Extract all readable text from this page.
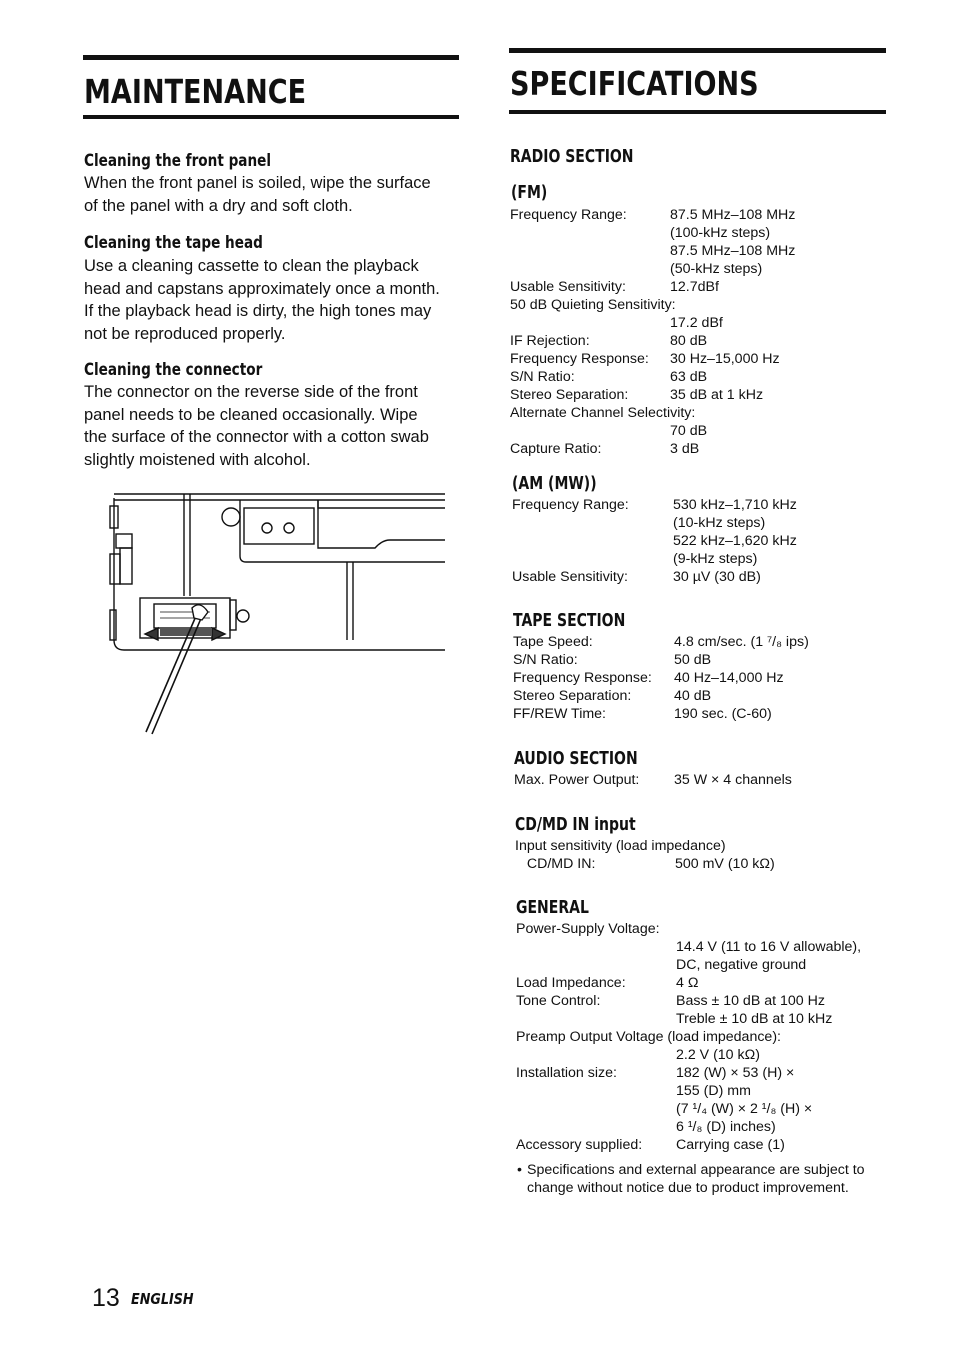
MAINTENANCE
Cleaning the front panel
When the front panel is soiled, wipe the surface
of the panel with a dry and soft cloth.
Cleaning the tape head
Use a cleaning cassette to clean the playback
head and capstans approximately once a month.
If the playback head is dirty, the high tones may
not be reproduced properly.
Cleaning the connector
The connector on the reverse side of the front
panel needs to be cleaned occasionally. Wipe
the surface of the connector with a cotton swab
slightly moistened with alcohol.
SPECIFICATIONS
RADIO SECTION
(FM)
Frequency Range:	87.5 MHz–108 MHz
(100-kHz steps)
87.5 MHz–108 MHz
(50-kHz steps)
Usable Sensitivity:	12.7dBf
50 dB Quieting Sensitivity:
17.2 dBf
IF Rejection:	80 dB
Frequency Response: 30 Hz–15,000 Hz
S/N Ratio:	63 dB
Stereo Separation:	35 dB at 1 kHz
Alternate Channel Selectivity:
70 dB
Capture Ratio:	3 dB
(AM (MW))
Frequency Range:	530 kHz–1,710 kHz
(10-kHz steps)
522 kHz–1,620 kHz
(9-kHz steps)
Usable Sensitivity:	30 µV (30 dB)
TAPE SECTION
Tape Speed:	4.8 cm/sec. (1 ⁷/₈ ips)
S/N Ratio:	50 dB
Frequency Response: 40 Hz–14,000 Hz
Stereo Separation:	40 dB
FF/REW Time:	190 sec. (C-60)
AUDIO SECTION
Max. Power Output: 35 W × 4 channels
CD/MD IN input
Input sensitivity (load impedance)
CD/MD IN:	500 mV (10 kΩ)
GENERAL
Power-Supply Voltage:
14.4 V (11 to 16 V allowable),
DC, negative ground
Load Impedance:	4 Ω
Tone Control:	Bass ± 10 dB at 100 Hz
Treble ± 10 dB at 10 kHz
Preamp Output Voltage (load impedance):
2.2 V (10 kΩ)
Installation size:	182 (W) × 53 (H) ×
155 (D) mm
(7 ¹/₄ (W) × 2 ¹/₈ (H) ×
6 ¹/₈ (D) inches)
Accessory supplied: Carrying case (1)
• Specifications and external appearance are subject to
change without notice due to product improvement.
13 ENGLISH
